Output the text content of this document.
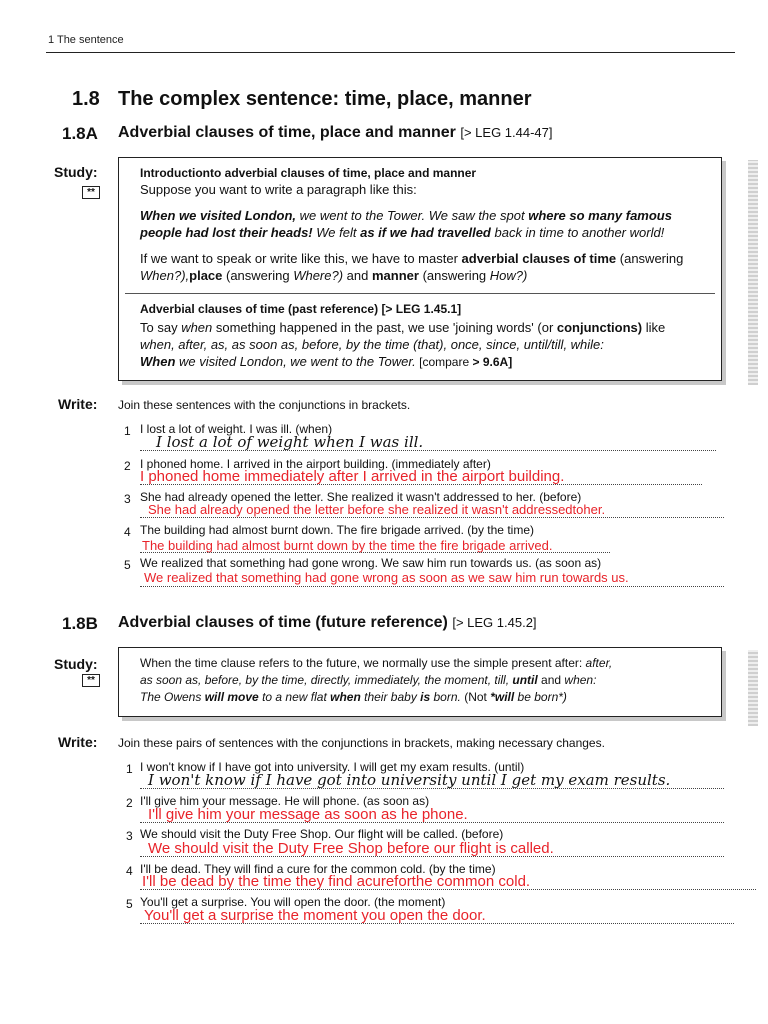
1 The sentence
1.8 The complex sentence: time, place, manner
1.8A Adverbial clauses of time, place and manner [> LEG 1.44-47]
Study:
**
Introductionto adverbial clauses of time, place and manner
Suppose you want to write a paragraph like this:
When we visited London, we went to the Tower. We saw the spot where so many famous
people had lost their heads! We felt as if we had travelled back in time to another world!
If we want to speak or write like this, we have to master adverbial clauses of time (answering
When?),place (answering Where?) and manner (answering How?)
Adverbial clauses of time (past reference) [> LEG 1.45.1]
To say when something happened in the past, we use 'joining words' (or conjunctions) like
when, after, as, as soon as, before, by the time (that), once, since, until/till, while:
When we visited London, we went to the Tower. [compare > 9.6A]
Write: Join these sentences with the conjunctions in brackets.
1 I lost a lot of weight. I was ill. (when)
I lost a lot of weight when I was ill.
2 I phoned home. I arrived in the airport building. (immediately after)
I phoned home immediately after I arrived in the airport building.
3 She had already opened the letter. She realized it wasn't addressed to her. (before)
She had already opened the letter before she realized it wasn't addressedtoher.
4 The building had almost burnt down. The fire brigade arrived. (by the time)
The building had almost burnt down by the time the fire brigade arrived.
5 We realized that something had gone wrong. We saw him run towards us. (as soon as)
We realized that something had gone wrong as soon as we saw him run towards us.
1.8B Adverbial clauses of time (future reference) [> LEG 1.45.2]
Study:
**
When the time clause refers to the future, we normally use the simple present after: after,
as soon as, before, by the time, directly, immediately, the moment, till, until and when:
The Owens will move to a new flat when their baby is born. (Not *will be born*)
Write: Join these pairs of sentences with the conjunctions in brackets, making necessary changes.
1 I won't know if I have got into university. I will get my exam results. (until)
I won't know if I have got into university until I get my exam results.
2 I'll give him your message. He will phone. (as soon as)
I'll give him your message as soon as he phone.
3 We should visit the Duty Free Shop. Our flight will be called. (before)
We should visit the Duty Free Shop before our flight is called.
4 I'll be dead. They will find a cure for the common cold. (by the time)
I'll be dead by the time they find acureforthe common cold.
5 You'll get a surprise. You will open the door. (the moment)
You'll get a surprise the moment you open the door.
